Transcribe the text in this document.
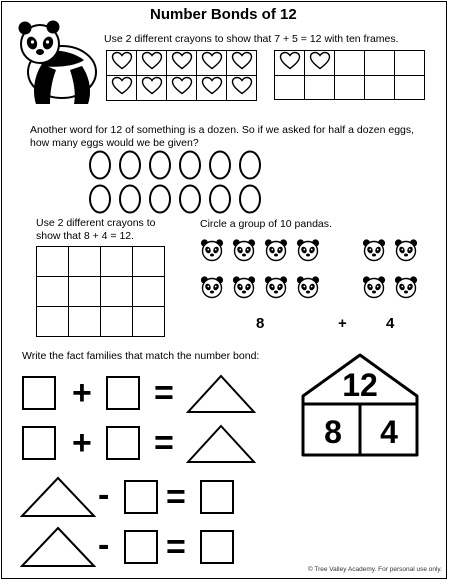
Number Bonds of 12
Use 2 different crayons to show that 7 + 5 = 12 with ten frames.

Another word for 12 of something is a dozen. So if we asked for half a dozen eggs,
how many eggs would we be given?
Use 2 different crayons to
show that 8 + 4 = 12.

Circle a group of 10 pandas.
8	+	4
Write the fact families that match the number bond:
+ =
+ =
- =
- =
12
8	4
© Tree Valley Academy. For personal use only.
